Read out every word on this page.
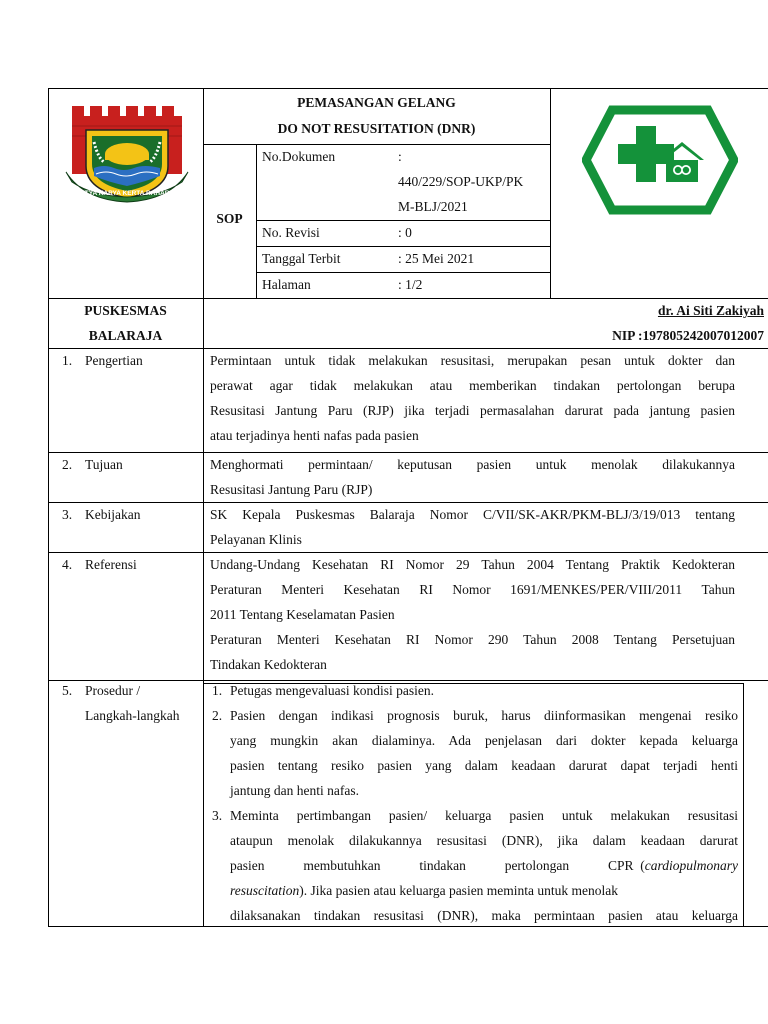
SATYA KARYA KERTA RAHARJA
PEMASANGAN GELANG
DO NOT RESUSITATION (DNR)
SOP
No.Dokumen	:
440/229/SOP-UKP/PK
M-BLJ/2021
No. Revisi	: 0
Tanggal Terbit	: 25 Mei 2021
Halaman	: 1/2
PUSKESMAS
BALARAJA
dr. Ai Siti Zakiyah
NIP :197805242007012007
1. Pengertian	Permintaan untuk tidak melakukan resusitasi, merupakan pesan untuk dokter dan
perawat agar tidak melakukan atau memberikan tindakan pertolongan berupa
Resusitasi Jantung Paru (RJP) jika terjadi permasalahan darurat pada jantung pasien
atau terjadinya henti nafas pada pasien
2. Tujuan	Menghormati permintaan/ keputusan pasien untuk menolak dilakukannya
Resusitasi Jantung Paru (RJP)
3. Kebijakan	SK Kepala Puskesmas Balaraja Nomor C/VII/SK-AKR/PKM-BLJ/3/19/013 tentang
Pelayanan Klinis
4. Referensi	Undang-Undang Kesehatan RI Nomor 29 Tahun 2004 Tentang Praktik Kedokteran
Peraturan Menteri Kesehatan RI Nomor 1691/MENKES/PER/VIII/2011 Tahun
2011 Tentang Keselamatan Pasien
Peraturan Menteri Kesehatan RI Nomor 290 Tahun 2008 Tentang Persetujuan
Tindakan Kedokteran
5. Prosedur /
Langkah-langkah
1. Petugas mengevaluasi kondisi pasien.
2. Pasien dengan indikasi prognosis buruk, harus diinformasikan mengenai resiko
yang mungkin akan dialaminya. Ada penjelasan dari dokter kepada keluarga
pasien tentang resiko pasien yang dalam keadaan darurat dapat terjadi henti
jantung dan henti nafas.
3. Meminta pertimbangan pasien/ keluarga pasien untuk melakukan resusitasi
ataupun menolak dilakukannya resusitasi (DNR), jika dalam keadaan darurat
pasien	membutuhkan	tindakan	pertolongan	CPR  (cardiopulmonary
resuscitation). Jika pasien atau keluarga pasien meminta untuk menolak
dilaksanakan tindakan resusitasi (DNR), maka permintaan pasien atau keluarga
